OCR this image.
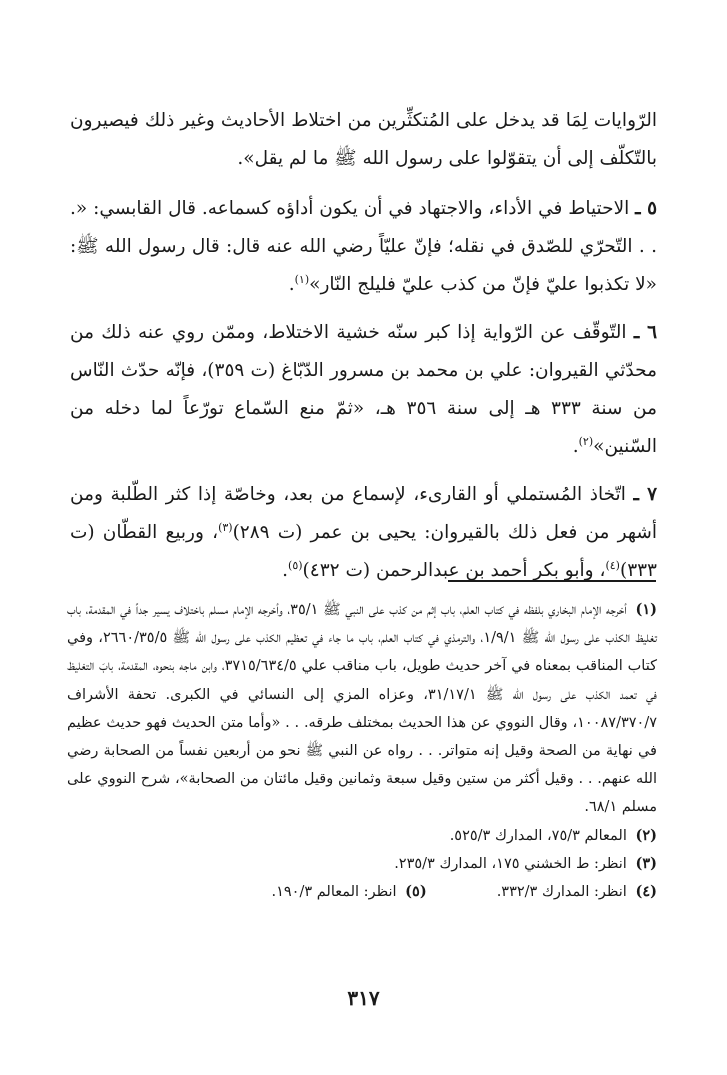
الرّوايات لِمَا قد يدخل على المُتكثِّرين من اختلاط الأحاديث وغير ذلك فيصيرون بالتّكلّف إلى أن يتقوّلوا على رسول الله ﷺ ما لم يقل».

٥ ـ الاحتياط في الأداء، والاجتهاد في أن يكون أداؤه كسماعه. قال القابسي: «. . . التّحرّي للصّدق في نقله؛ فإنّ عليّاً رضي الله عنه قال: قال رسول الله ﷺ: «لا تكذبوا عليّ فإنّ من كذب عليّ فليلج النّار»$^{(١)}$.

٦ ـ التّوقّف عن الرّواية إذا كبر سنّه خشية الاختلاط، وممّن روي عنه ذلك من محدّثي القيروان: علي بن محمد بن مسرور الدّبّاغ (ت ٣٥٩)، فإنّه حدّث النّاس من سنة ٣٣٣ هـ إلى سنة ٣٥٦ هـ، «ثمّ منع السّماع تورّعاً لما دخله من السّنين»$^{(٢)}$.

٧ ـ اتّخاذ المُستملي أو القارىء، لإسماع من بعد، وخاصّة إذا كثر الطّلبة ومن أشهر من فعل ذلك بالقيروان: يحيى بن عمر (ت ٢٨٩)$^{(٣)}$، وربيع القطّان (ت ٣٣٣)$^{(٤)}$، وأبو بكر أحمد بن عبدالرحمن (ت ٤٣٢)$^{(٥)}$.

(١) أخرجه الإمام البخاري بلفظه في كتاب العلم، باب إثم من كذب على النبي ﷺ ٣٥/١، وأخرجه الإمام مسلم باختلاف يسير جداً في المقدمة، باب تغليظ الكذب على رسول الله ﷺ ١/٩/١، والترمذي في كتاب العلم، باب ما جاء في تعظيم الكذب على رسول الله ﷺ ٢٦٦٠/٣٥/٥، وفي كتاب المناقب بمعناه في آخر حديث طويل، باب مناقب علي ٣٧١٥/٦٣٤/٥، وابن ماجه بنحوه، المقدمة، بابَ التغليظ في تعمد الكذب على رسول الله ﷺ ٣١/١٧/١، وعزاه المزي إلى النسائي في الكبرى. تحفة الأشراف ١٠٠٨٧/٣٧٠/٧، وقال النووي عن هذا الحديث بمختلف طرقه. . . «وأما متن الحديث فهو حديث عظيم في نهاية من الصحة وقيل إنه متواتر. . . رواه عن النبي ﷺ نحو من أربعين نفساً من الصحابة رضي الله عنهم. . . وقيل أكثر من ستين وقيل سبعة وثمانين وقيل مائتان من الصحابة»، شرح النووي على مسلم ٦٨/١.

(٢) المعالم ٧٥/٣، المدارك ٥٢٥/٣.

(٣) انظر: ط الخشني ١٧٥، المدارك ٢٣٥/٣.

(٤) انظر: المدارك ٣٣٢/٣.

(٥) انظر: المعالم ١٩٠/٣.

٣١٧
